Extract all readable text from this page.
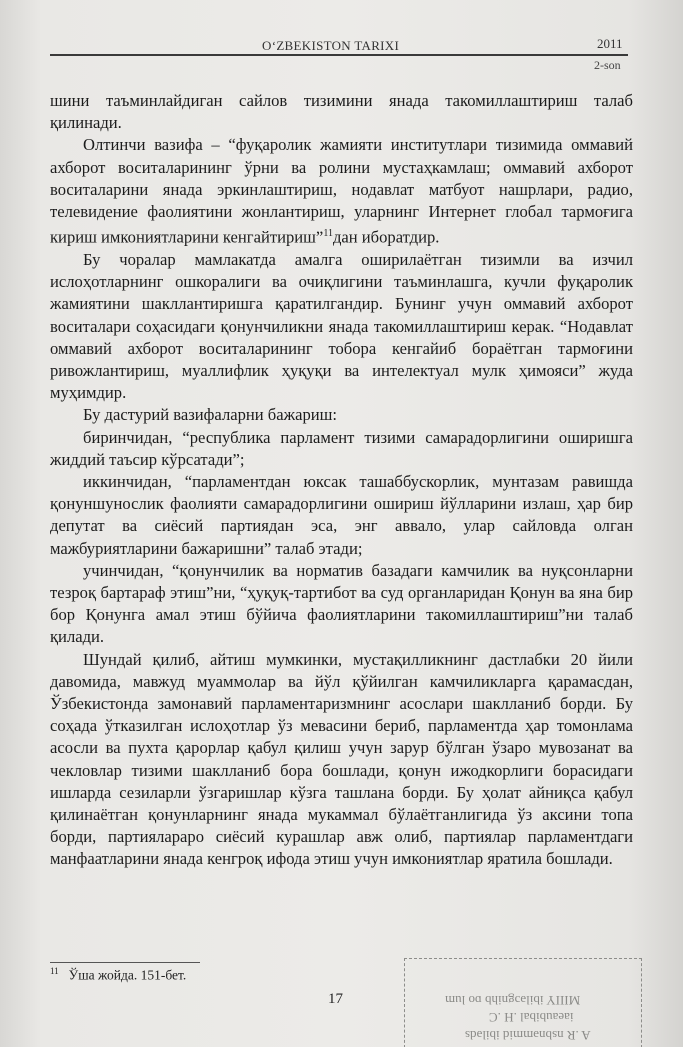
O‘ZBEKISTON TARIXI	2011
2-son

шини таъминлайдиган сайлов тизимини янада такомиллаштириш талаб қилинади.

Олтинчи вазифа – “фуқаролик жамияти институтлари тизимида оммавий ахборот воситаларининг ўрни ва ролини мустаҳкамлаш; оммавий ахборот воситаларини янада эркинлаштириш, нодавлат матбуот нашрлари, радио, телевидение фаолиятини жонлантириш, уларнинг Интернет глобал тармоғига кириш имкониятларини кенгайтириш”$^{11}$дан иборатдир.

Бу чоралар мамлакатда амалга оширилаётган тизимли ва изчил ислоҳотларнинг ошкоралиги ва очиқлигини таъминлашга, кучли фуқаролик жамиятини шакллантиришга қаратилгандир. Бунинг учун оммавий ахборот воситалари соҳасидаги қонунчиликни янада такомиллаштириш керак. “Нодавлат оммавий ахборот воситаларининг тобора кенгайиб бораётган тармоғини ривожлантириш, муаллифлик ҳуқуқи ва интелектуал мулк ҳимояси” жуда муҳимдир.

Бу дастурий вазифаларни бажариш:

биринчидан, “республика парламент тизими самарадорлигини оширишга жиддий таъсир кўрсатади”;

иккинчидан, “парламентдан юксак ташаббускорлик, мунтазам равишда қонуншунослик фаолияти самарадорлигини ошириш йўлларини излаш, ҳар бир депутат ва сиёсий партиядан эса, энг аввало, улар сайловда олган мажбуриятларини бажаришни” талаб этади;

учинчидан, “қонунчилик ва норматив базадаги камчилик ва нуқсонларни тезроқ бартараф этиш”ни, “ҳуқуқ-тартибот ва суд органларидан Қонун ва яна бир бор Қонунга амал этиш бўйича фаолиятларини такомиллаштириш”ни талаб қилади.

Шундай қилиб, айтиш мумкинки, мустақилликнинг дастлабки 20 йили давомида, мавжуд муаммолар ва йўл қўйилган камчиликларга қарамасдан, Ўзбекистонда замонавий парламентаризмнинг асослари шаклланиб борди. Бу соҳада ўтказилган ислоҳотлар ўз мевасини бериб, парламентда ҳар томонлама асосли ва пухта қарорлар қабул қилиш учун зарур бўлган ўзаро мувозанат ва чекловлар тизими шаклланиб бора бошлади, қонун ижодкорлиги борасидаги ишларда сезиларли ўзгаришлар кўзга ташлана борди. Бу ҳолат айниқса қабул қилинаётган қонунларнинг янада мукаммал бўлаётганлигида ўз аксини топа борди, партияларaро сиёсий курашлар авж олиб, партиялар парламентдаги манфаатларини янада кенгроқ ифода этиш учун имкониятлар яратила бошлади.

$^{11}$ Ўша жойда. 151-бет.
17
A .R nsbnəmmid ibiləds
iaeaubibal .H .C
MIIIY ibiləɔgnihb ɒo lum
